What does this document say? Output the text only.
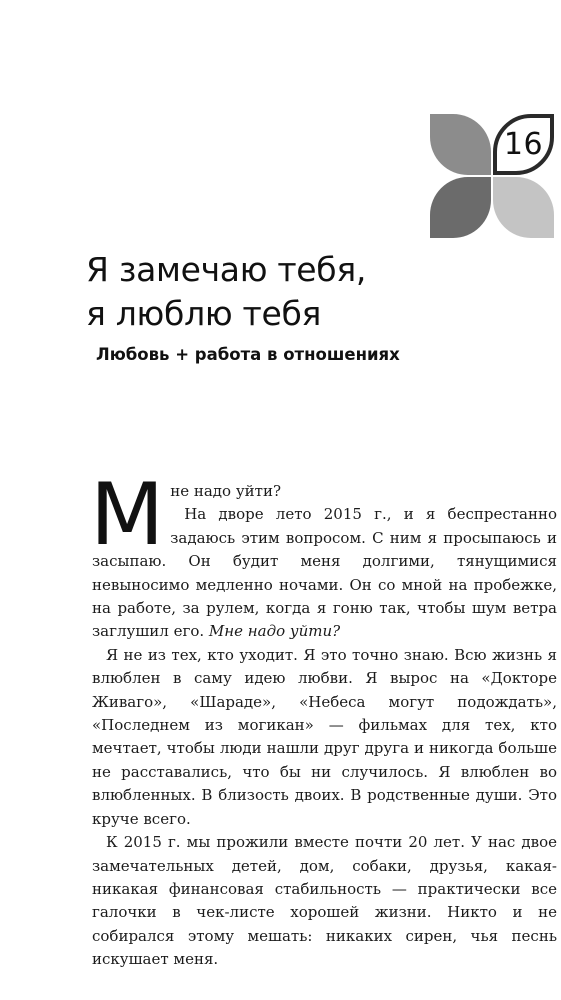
16
Я замечаю тебя,
я люблю тебя
Любовь + работа в отношениях
М не надо уйти?
На дворе лето 2015 г., и я беспрестанно задаюсь этим вопросом. С ним я просыпаюсь и засыпаю. Он будит меня долгими, тянущимися невыносимо медленно ночами. Он со мной на пробежке, на работе, за рулем, когда я гоню так, чтобы шум ветра заглушил его. Мне надо уйти?

Я не из тех, кто уходит. Я это точно знаю. Всю жизнь я влюблен в саму идею любви. Я вырос на «Докторе Живаго», «Шараде», «Небеса могут подождать», «Последнем из могикан» — фильмах для тех, кто мечтает, чтобы люди нашли друг друга и никогда больше не расставались, что бы ни случилось. Я влюблен во влюбленных. В близость двоих. В родственные души. Это круче всего.

К 2015 г. мы прожили вместе почти 20 лет. У нас двое замечательных детей, дом, собаки, друзья, какая-никакая финансовая стабильность — практически все галочки в чек-листе хорошей жизни. Никто и не собирался этому мешать: никаких сирен, чья песнь искушает меня.
